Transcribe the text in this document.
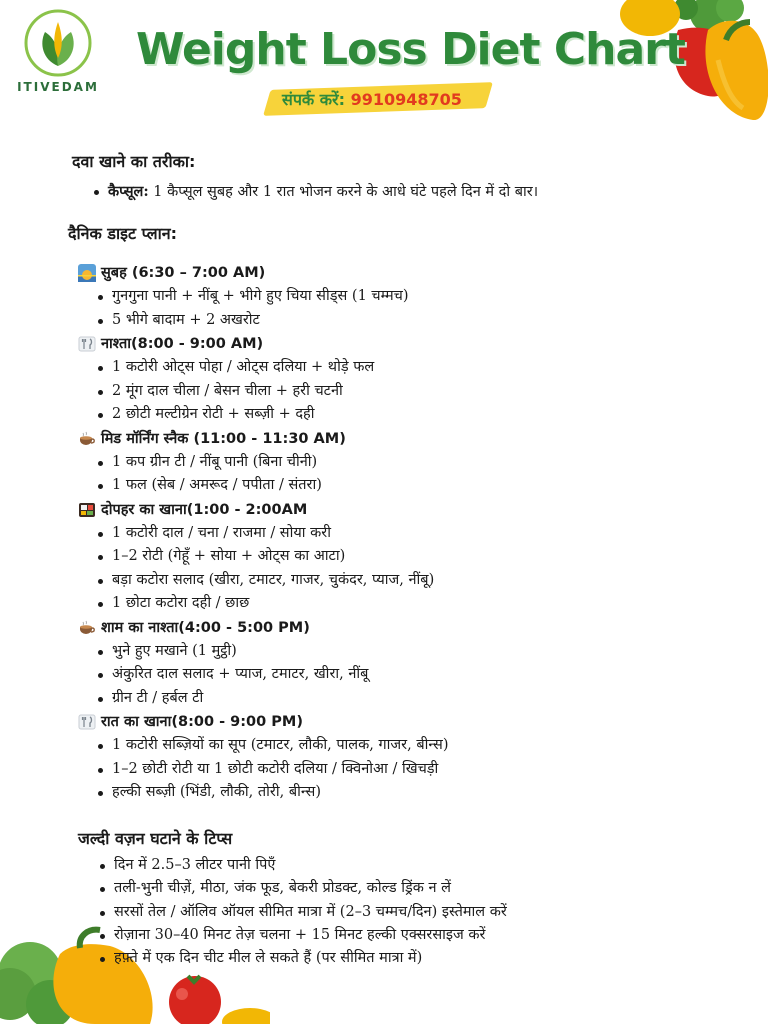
ITIVEDAM
Weight Loss Diet Chart
संपर्क करें: 9910948705
दवा खाने का तरीका:
कैप्सूल: 1 कैप्सूल सुबह और 1 रात भोजन करने के आधे घंटे पहले दिन में दो बार।
दैनिक डाइट प्लान:
सुबह (6:30 – 7:00 AM)
गुनगुना पानी + नींबू + भीगे हुए चिया सीड्स (1 चम्मच)
5 भीगे बादाम + 2 अखरोट
नाश्ता(8:00 - 9:00 AM)
1 कटोरी ओट्स पोहा / ओट्स दलिया + थोड़े फल
2 मूंग दाल चीला / बेसन चीला + हरी चटनी
2 छोटी मल्टीग्रेन रोटी + सब्ज़ी + दही
मिड मॉर्निंग स्नैक (11:00 - 11:30 AM)
1 कप ग्रीन टी / नींबू पानी (बिना चीनी)
1 फल (सेब / अमरूद / पपीता / संतरा)
दोपहर का खाना(1:00 - 2:00AM
1 कटोरी दाल / चना / राजमा / सोया करी
1–2 रोटी (गेहूँ + सोया + ओट्स का आटा)
बड़ा कटोरा सलाद (खीरा, टमाटर, गाजर, चुकंदर, प्याज, नींबू)
1 छोटा कटोरा दही / छाछ
शाम का नाश्ता(4:00 - 5:00 PM)
भुने हुए मखाने (1 मुट्ठी)
अंकुरित दाल सलाद + प्याज, टमाटर, खीरा, नींबू
ग्रीन टी / हर्बल टी
रात का खाना(8:00 - 9:00 PM)
1 कटोरी सब्ज़ियों का सूप (टमाटर, लौकी, पालक, गाजर, बीन्स)
1–2 छोटी रोटी या 1 छोटी कटोरी दलिया / क्विनोआ / खिचड़ी
हल्की सब्ज़ी (भिंडी, लौकी, तोरी, बीन्स)
जल्दी वज़न घटाने के टिप्स
दिन में 2.5–3 लीटर पानी पिएँ
तली-भुनी चीज़ें, मीठा, जंक फूड, बेकरी प्रोडक्ट, कोल्ड ड्रिंक न लें
सरसों तेल / ऑलिव ऑयल सीमित मात्रा में (2–3 चम्मच/दिन) इस्तेमाल करें
रोज़ाना 30–40 मिनट तेज़ चलना + 15 मिनट हल्की एक्सरसाइज करें
हफ़्ते में एक दिन चीट मील ले सकते हैं (पर सीमित मात्रा में)
